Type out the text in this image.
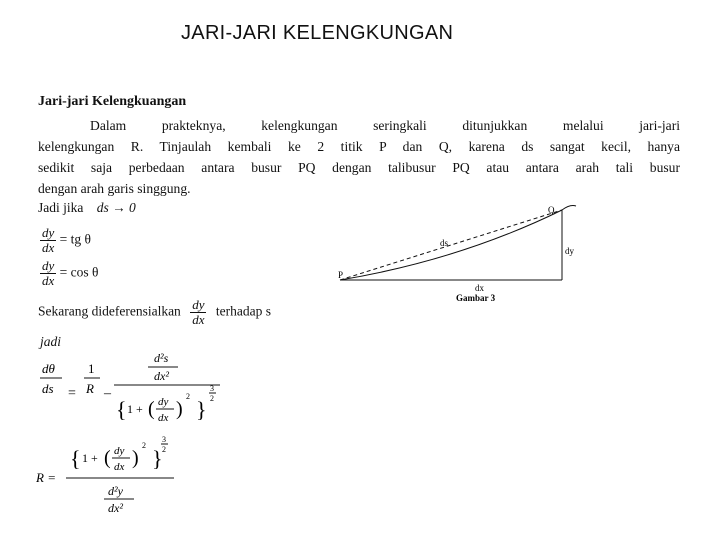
JARI-JARI KELENGKUNGAN
Jari-jari Kelengkuangan
Dalam prakteknya, kelengkungan seringkali ditunjukkan melalui jari-jari
kelengkungan R. Tinjaulah kembali ke 2 titik P dan Q, karena ds sangat kecil, hanya
sedikit saja perbedaan antara busur PQ dengan talibusur PQ atau antara arah tali busur
dengan arah garis singgung.
Jadi jika ds → 0
$\frac{dy}{dx}$ = tg θ
$\frac{dy}{dx} = \cos \theta$
Q
P
ds
dy
dx
Gambar 3
Sekarang dideferensialkan $\frac{dy}{dx}$ terhadap s
jadi
dθ
ds =
1
R –
d²s
dx²
{ 1 + ( dy
dx )
2
}
3
2
R =
{ 1 + ( dy
dx )
2
}
3
2
d²y
dx²
